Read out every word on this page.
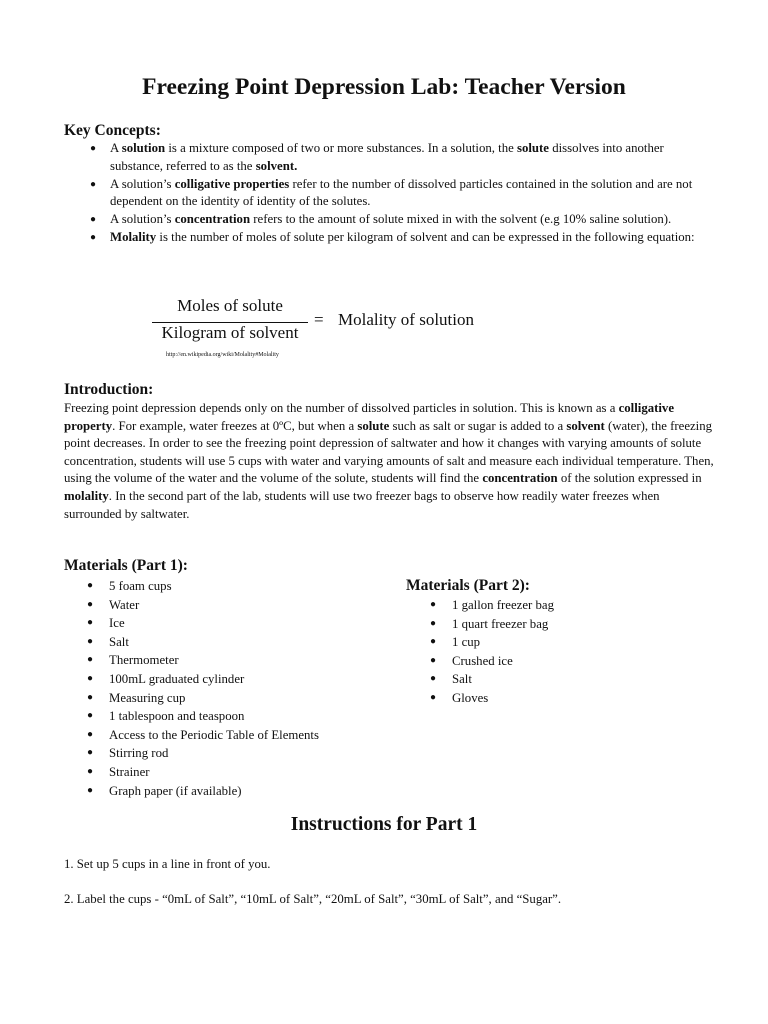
Freezing Point Depression Lab: Teacher Version
Key Concepts:
● A solution is a mixture composed of two or more substances. In a solution, the solute dissolves into another substance, referred to as the solvent.
● A solution’s colligative properties refer to the number of dissolved particles contained in the solution and are not dependent on the identity of identity of the solutes.
● A solution’s concentration refers to the amount of solute mixed in with the solvent (e.g 10% saline solution).
● Molality is the number of moles of solute per kilogram of solvent and can be expressed in the following equation:
Moles of solute
Kilogram of solvent
= Molality of solution
http://en.wikipedia.org/wiki/Molality#Molality
Introduction:
Freezing point depression depends only on the number of dissolved particles in solution. This is known as a colligative property. For example, water freezes at 0ºC, but when a solute such as salt or sugar is added to a solvent (water), the freezing point decreases. In order to see the freezing point depression of saltwater and how it changes with varying amounts of solute concentration, students will use 5 cups with water and varying amounts of salt and measure each individual temperature. Then, using the volume of the water and the volume of the solute, students will find the concentration of the solution expressed in molality. In the second part of the lab, students will use two freezer bags to observe how readily water freezes when surrounded by saltwater.
Materials (Part 1):
● 5 foam cups
● Water
● Ice
● Salt
● Thermometer
● 100mL graduated cylinder
● Measuring cup
● 1 tablespoon and teaspoon
● Access to the Periodic Table of Elements
● Stirring rod
● Strainer
● Graph paper (if available)
Materials (Part 2):
● 1 gallon freezer bag
● 1 quart freezer bag
● 1 cup
● Crushed ice
● Salt
● Gloves
Instructions for Part 1
1. Set up 5 cups in a line in front of you.
2. Label the cups - “0mL of Salt”, “10mL of Salt”, “20mL of Salt”, “30mL of Salt”, and “Sugar”.
